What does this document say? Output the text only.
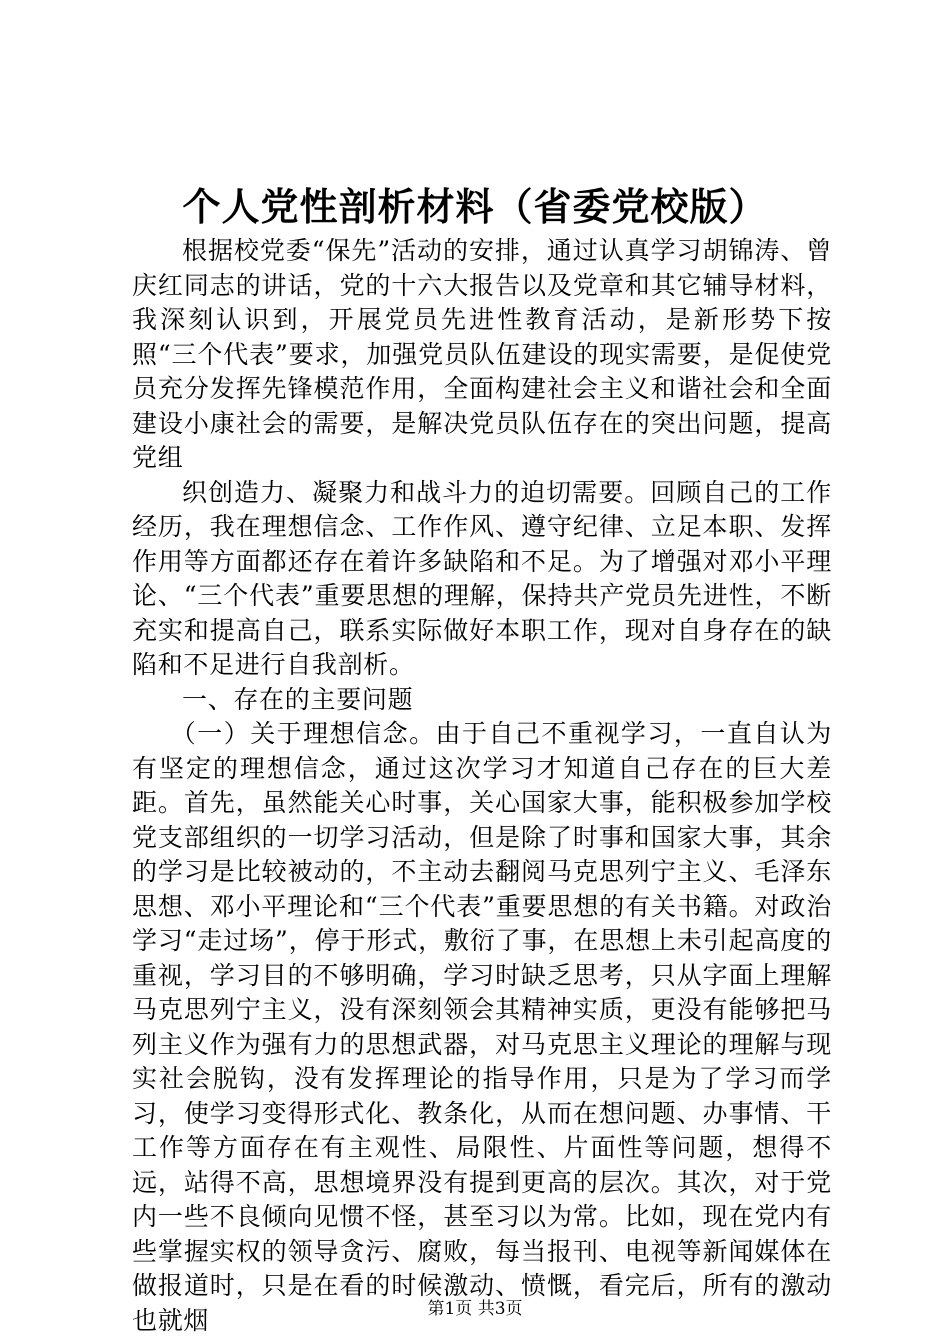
个人党性剖析材料（省委党校版）

根据校党委“保先”活动的安排，通过认真学习胡锦涛、曾庆红同志的讲话，党的十六大报告以及党章和其它辅导材料，我深刻认识到，开展党员先进性教育活动，是新形势下按照“三个代表”要求，加强党员队伍建设的现实需要，是促使党员充分发挥先锋模范作用，全面构建社会主义和谐社会和全面建设小康社会的需要，是解决党员队伍存在的突出问题，提高党组

织创造力、凝聚力和战斗力的迫切需要。回顾自己的工作经历，我在理想信念、工作作风、遵守纪律、立足本职、发挥作用等方面都还存在着许多缺陷和不足。为了增强对邓小平理论、“三个代表”重要思想的理解，保持共产党员先进性，不断充实和提高自己，联系实际做好本职工作，现对自身存在的缺陷和不足进行自我剖析。

一、存在的主要问题

（一）关于理想信念。由于自己不重视学习，一直自认为有坚定的理想信念，通过这次学习才知道自己存在的巨大差距。首先，虽然能关心时事，关心国家大事，能积极参加学校党支部组织的一切学习活动，但是除了时事和国家大事，其余的学习是比较被动的，不主动去翻阅马克思列宁主义、毛泽东思想、邓小平理论和“三个代表”重要思想的有关书籍。对政治学习“走过场”，停于形式，敷衍了事，在思想上未引起高度的重视，学习目的不够明确，学习时缺乏思考，只从字面上理解马克思列宁主义，没有深刻领会其精神实质，更没有能够把马列主义作为强有力的思想武器，对马克思主义理论的理解与现实社会脱钩，没有发挥理论的指导作用，只是为了学习而学习，使学习变得形式化、教条化，从而在想问题、办事情、干工作等方面存在有主观性、局限性、片面性等问题，想得不远，站得不高，思想境界没有提到更高的层次。其次，对于党内一些不良倾向见惯不怪，甚至习以为常。比如，现在党内有些掌握实权的领导贪污、腐败，每当报刊、电视等新闻媒体在做报道时，只是在看的时候激动、愤慨，看完后，所有的激动也就烟	第1页 共3页
